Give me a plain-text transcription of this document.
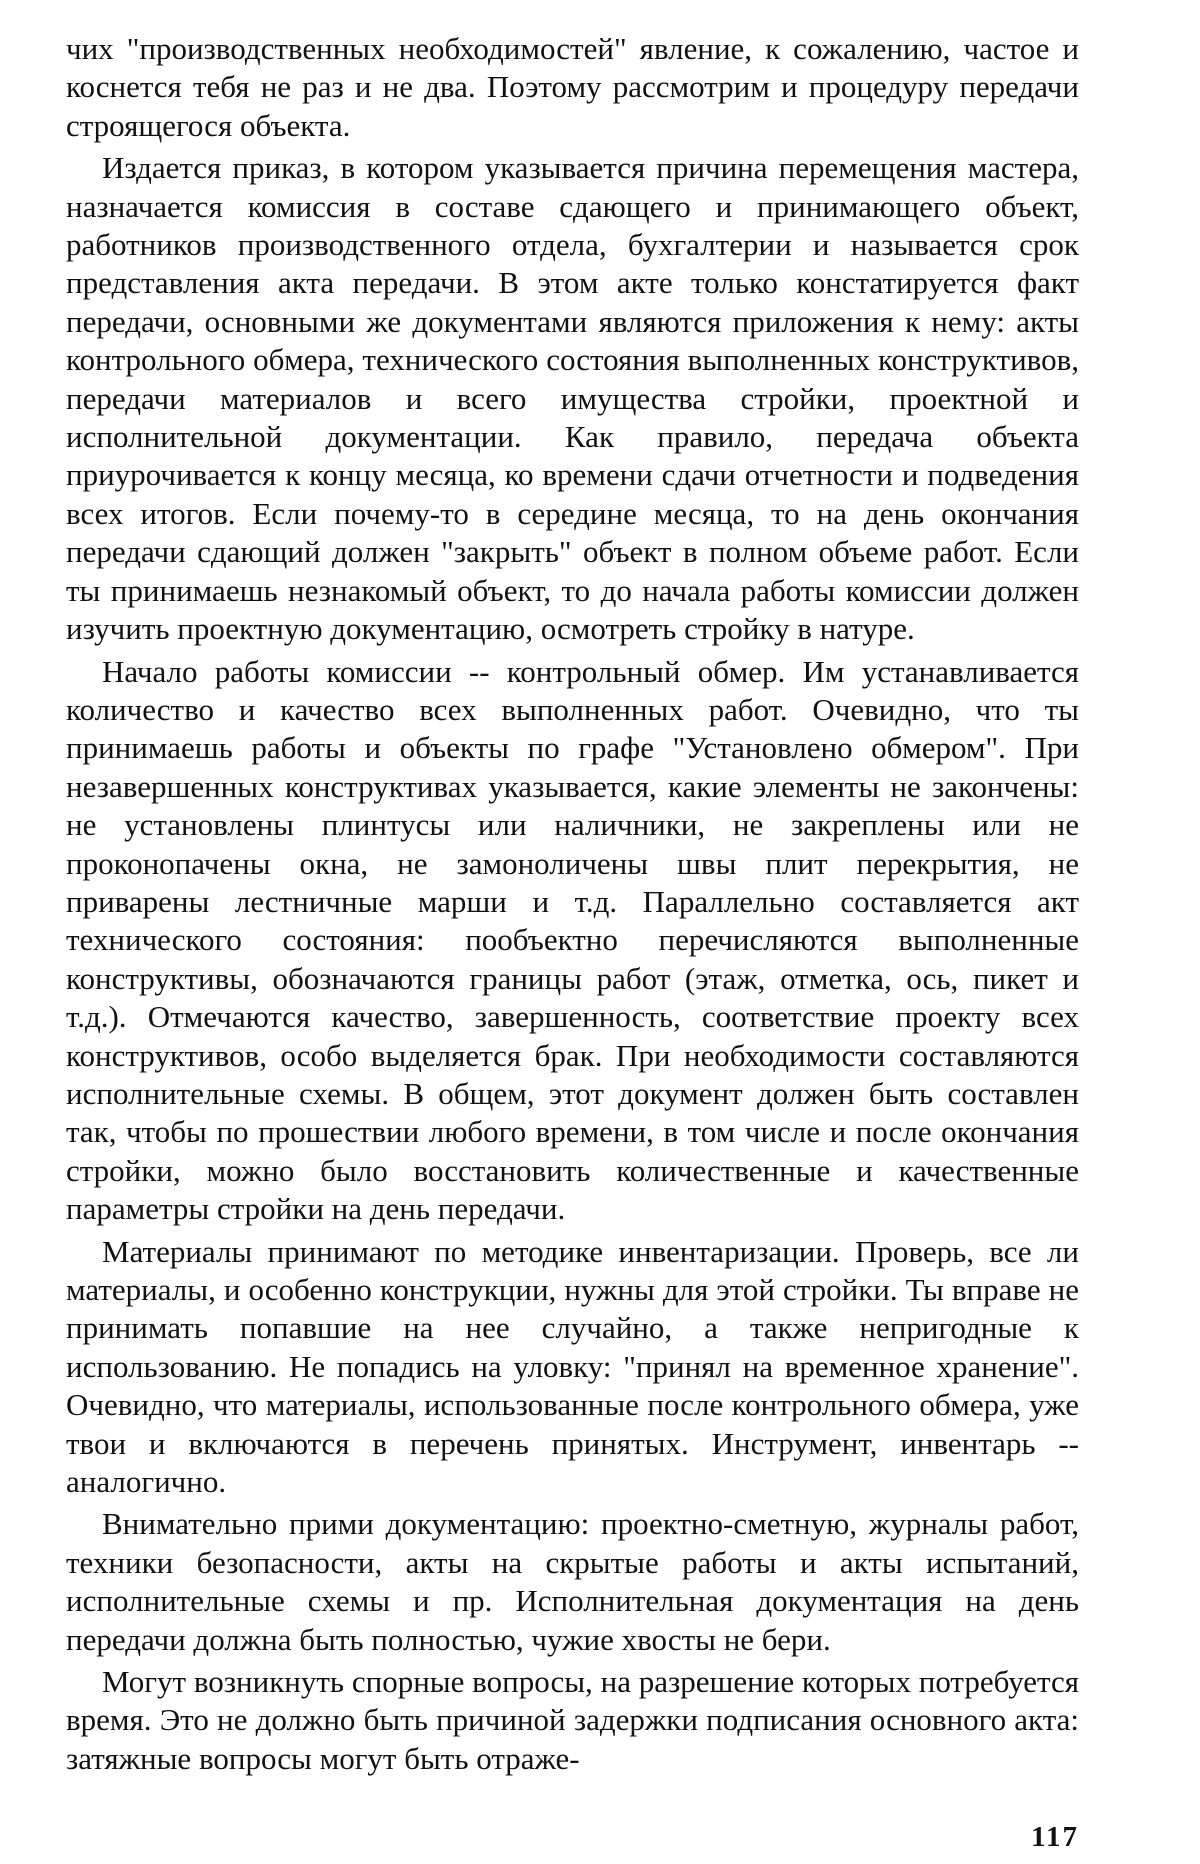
чих "производственных необходимостей" явление, к сожалению, частое и коснется тебя не раз и не два. Поэтому рассмотрим и процедуру передачи строящегося объекта.

Издается приказ, в котором указывается причина перемещения мастера, назначается комиссия в составе сдающего и принимающего объект, работников производственного отдела, бухгалтерии и называется срок представления акта передачи. В этом акте только констатируется факт передачи, основными же документами являются приложения к нему: акты контрольного обмера, технического состояния выполненных конструктивов, передачи материалов и всего имущества стройки, проектной и исполнительной документации. Как правило, передача объекта приурочивается к концу месяца, ко времени сдачи отчетности и подведения всех итогов. Если почему-то в середине месяца, то на день окончания передачи сдающий должен "закрыть" объект в полном объеме работ. Если ты принимаешь незнакомый объект, то до начала работы комиссии должен изучить проектную документацию, осмотреть стройку в натуре.

Начало работы комиссии -- контрольный обмер. Им устанавливается количество и качество всех выполненных работ. Очевидно, что ты принимаешь работы и объекты по графе "Установлено обмером". При незавершенных конструктивах указывается, какие элементы не закончены: не установлены плинтусы или наличники, не закреплены или не проконопачены окна, не замоноличены швы плит перекрытия, не приварены лестничные марши и т.д. Параллельно составляется акт технического состояния: пообъектно перечисляются выполненные конструктивы, обозначаются границы работ (этаж, отметка, ось, пикет и т.д.). Отмечаются качество, завершенность, соответствие проекту всех конструктивов, особо выделяется брак. При необходимости составляются исполнительные схемы. В общем, этот документ должен быть составлен так, чтобы по прошествии любого времени, в том числе и после окончания стройки, можно было восстановить количественные и качественные параметры стройки на день передачи.

Материалы принимают по методике инвентаризации. Проверь, все ли материалы, и особенно конструкции, нужны для этой стройки. Ты вправе не принимать попавшие на нее случайно, а также непригодные к использованию. Не попадись на уловку: "принял на временное хранение". Очевидно, что материалы, использованные после контрольного обмера, уже твои и включаются в перечень принятых. Инструмент, инвентарь --аналогично.

Внимательно прими документацию: проектно-сметную, журналы работ, техники безопасности, акты на скрытые работы и акты испытаний, исполнительные схемы и пр. Исполнительная документация на день передачи должна быть полностью, чужие хвосты не бери.

Могут возникнуть спорные вопросы, на разрешение которых потребуется время. Это не должно быть причиной задержки подписания основного акта: затяжные вопросы могут быть отраже-

117
